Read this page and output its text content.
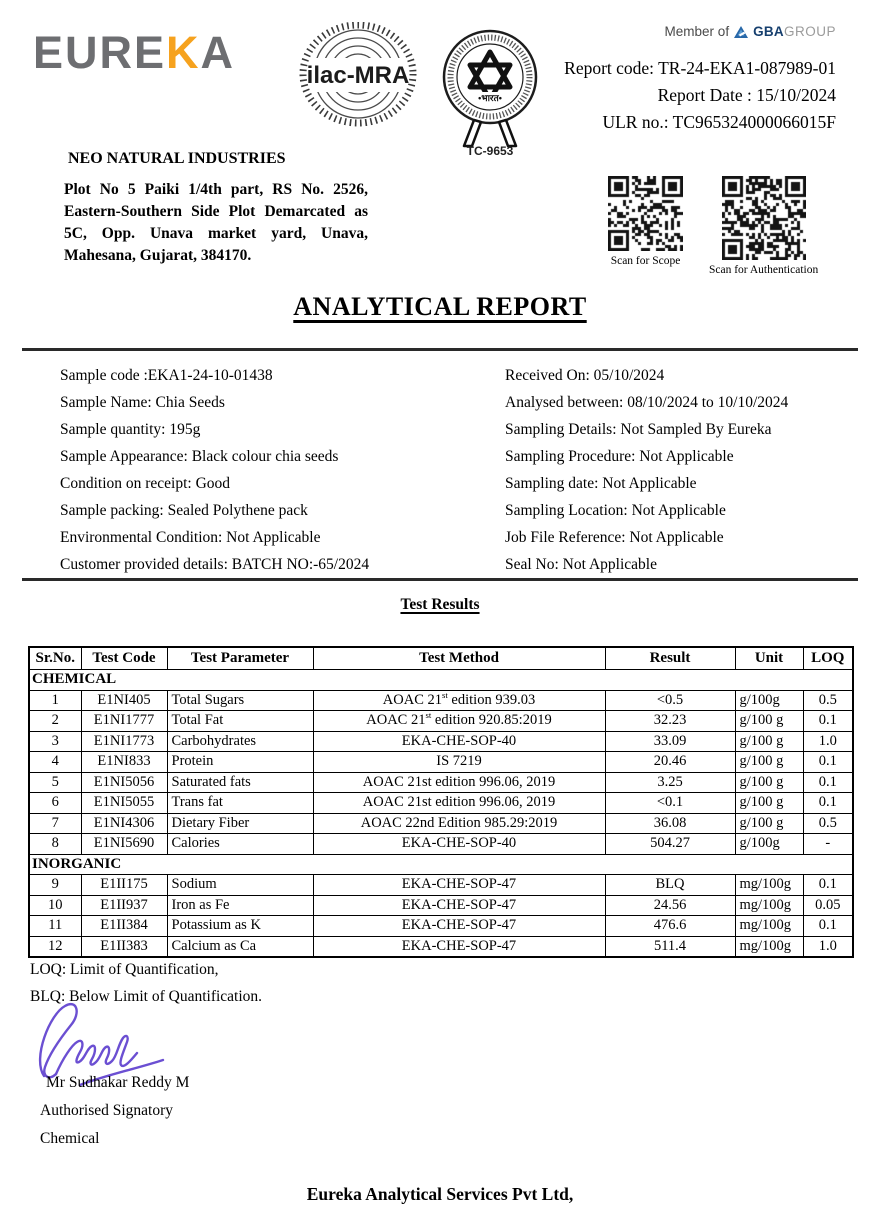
EUREKA	ilac-MRA
•भारत•
TC-9653
Member of GBAGROUP
Report code: TR-24-EKA1-087989-01
Report Date : 15/10/2024
ULR no.: TC965324000066015F
NEO NATURAL INDUSTRIES
Plot No 5 Paiki 1/4th part, RS No. 2526, Eastern-Southern Side Plot Demarcated as 5C, Opp. Unava market yard, Unava, Mahesana, Gujarat, 384170.	Scan for Scope
Scan for Authentication
ANALYTICAL REPORT
Sample code :EKA1-24-10-01438
Sample Name: Chia Seeds
Sample quantity: 195g
Sample Appearance: Black colour chia seeds
Condition on receipt: Good
Sample packing: Sealed Polythene pack
Environmental Condition: Not Applicable
Customer provided details: BATCH NO:-65/2024
Received On: 05/10/2024
Analysed between: 08/10/2024 to 10/10/2024
Sampling Details: Not Sampled By Eureka
Sampling Procedure: Not Applicable
Sampling date: Not Applicable
Sampling Location: Not Applicable
Job File Reference: Not Applicable
Seal No: Not Applicable
Test Results
Sr.No.	Test Code	Test Parameter	Test Method	Result	Unit	LOQ
CHEMICAL						
1	E1NI405	Total Sugars	AOAC 21st edition 939.03	<0.5	g/100g	0.5
2	E1NI1777	Total Fat	AOAC 21st edition 920.85:2019	32.23	g/100 g	0.1
3	E1NI1773	Carbohydrates	EKA-CHE-SOP-40	33.09	g/100 g	1.0
4	E1NI833	Protein	IS 7219	20.46	g/100 g	0.1
5	E1NI5056	Saturated fats	AOAC 21st edition 996.06, 2019	3.25	g/100 g	0.1
6	E1NI5055	Trans fat	AOAC 21st edition 996.06, 2019	<0.1	g/100 g	0.1
7	E1NI4306	Dietary Fiber	AOAC 22nd Edition 985.29:2019	36.08	g/100 g	0.5
8	E1NI5690	Calories	EKA-CHE-SOP-40	504.27	g/100g	-
INORGANIC						
9	E1II175	Sodium	EKA-CHE-SOP-47	BLQ	mg/100g	0.1
10	E1II937	Iron as Fe	EKA-CHE-SOP-47	24.56	mg/100g	0.05
11	E1II384	Potassium as K	EKA-CHE-SOP-47	476.6	mg/100g	0.1
12	E1II383	Calcium as Ca	EKA-CHE-SOP-47	511.4	mg/100g	1.0
LOQ: Limit of Quantification,
BLQ: Below Limit of Quantification.
Mr Sudhakar Reddy M
Authorised Signatory
Chemical
Eureka Analytical Services Pvt Ltd,
